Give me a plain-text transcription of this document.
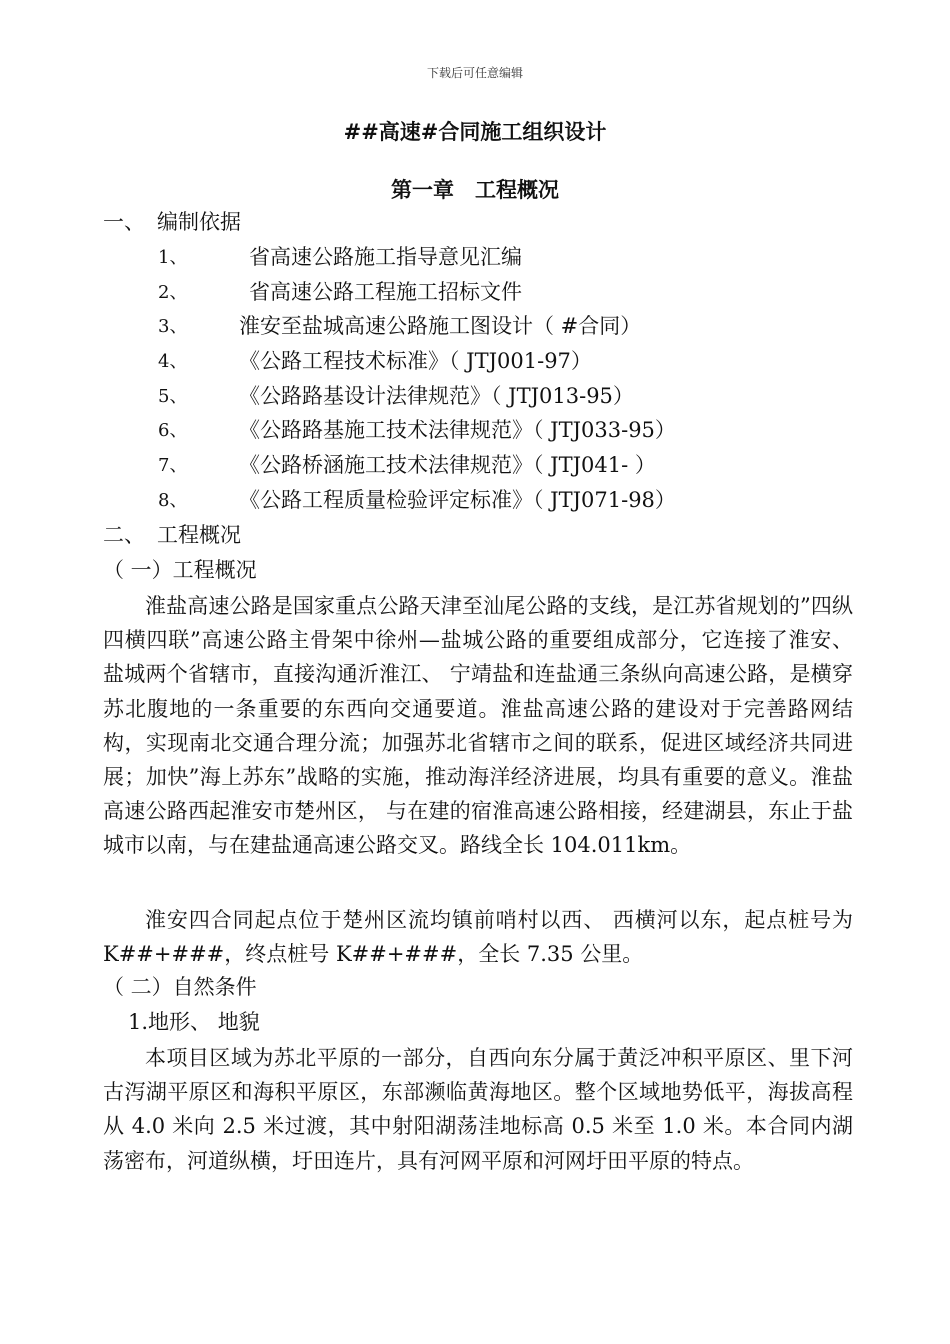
下载后可任意编辑
##高速#合同施工组织设计
第一章　工程概况
一、 编制依据
1、	省高速公路施工指导意见汇编
2、	省高速公路工程施工招标文件
3、 淮安至盐城高速公路施工图设计（ #合同）
4、 《公路工程技术标准》（ JTJ001-97）
5、 《公路路基设计法律规范》（ JTJ013-95）
6、 《公路路基施工技术法律规范》（ JTJ033-95）
7、 《公路桥涵施工技术法律规范》（ JTJ041- ）
8、 《公路工程质量检验评定标准》（ JTJ071-98）
二、 工程概况
（ 一）工程概况

淮盐高速公路是国家重点公路天津至汕尾公路的支线，是江苏省规划的”四纵四横四联”高速公路主骨架中徐州—盐城公路的重要组成部分，它连接了淮安、 盐城两个省辖市，直接沟通沂淮江、 宁靖盐和连盐通三条纵向高速公路，是横穿苏北腹地的一条重要的东西向交通要道。淮盐高速公路的建设对于完善路网结构，实现南北交通合理分流；加强苏北省辖市之间的联系，促进区域经济共同进展；加快”海上苏东”战略的实施，推动海洋经济进展，均具有重要的意义。淮盐高速公路西起淮安市楚州区， 与在建的宿淮高速公路相接，经建湖县，东止于盐城市以南，与在建盐通高速公路交叉。路线全长 104.011km。

淮安四合同起点位于楚州区流均镇前哨村以西、 西横河以东，起点桩号为 K##+###，终点桩号 K##+###，全长 7.35 公里。

（ 二）自然条件
1.地形、 地貌

本项目区域为苏北平原的一部分，自西向东分属于黄泛冲积平原区、里下河古泻湖平原区和海积平原区，东部濒临黄海地区。整个区域地势低平，海拔高程从 4.0 米向 2.5 米过渡，其中射阳湖荡洼地标高 0.5 米至 1.0 米。本合同内湖荡密布，河道纵横，圩田连片，具有河网平原和河网圩田平原的特点。
